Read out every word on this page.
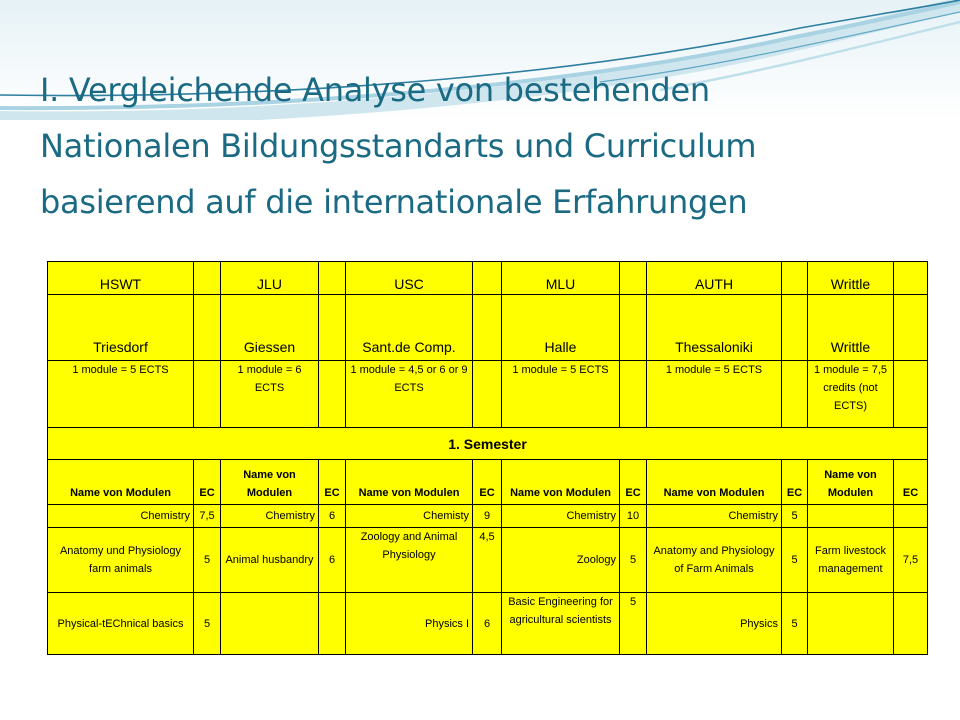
I. Vergleichende Analyse von bestehenden
Nationalen Bildungsstandarts und Curriculum
basierend auf die internationale Erfahrungen
HSWT		JLU		USC		MLU		AUTH		Writtle	
Triesdorf		Giessen		Sant.de Comp.		Halle		Thessaloniki		Writtle	
1 module = 5 ECTS		1 module = 6 ECTS		1 module = 4,5 or 6 or 9 ECTS		1 module = 5 ECTS		1 module = 5 ECTS		1 module = 7,5 credits (not ECTS)	
1. Semester											
Name von Modulen	EC	Name von Modulen	EC	Name von Modulen	EC	Name von Modulen	EC	Name von Modulen	EC	Name von Modulen	EC
Chemistry	7,5	Chemistry	6	Chemisty	9	Chemistry	10	Chemistry	5		
Anatomy und Physiology farm animals	5	Animal husbandry	6	Zoology and Animal Physiology	4,5	Zoology	5	Anatomy and Physiology of Farm Animals	5	Farm livestock management	7,5
Physical-tEChnical basics	5			Physics I	6	Basic Engineering for agricultural scientists	5	Physics	5		
